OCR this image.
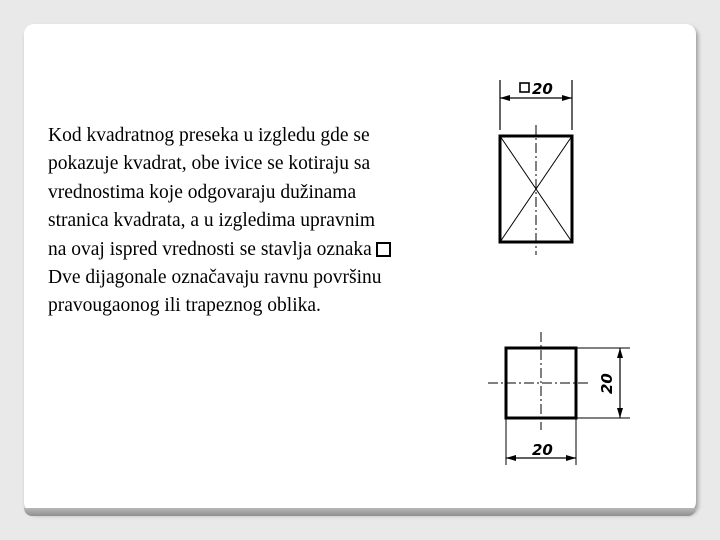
Kod kvadratnog preseka u izgledu gde se
pokazuje kvadrat, obe ivice se kotiraju sa
vrednostima koje odgovaraju dužinama
stranica kvadrata, a u izgledima upravnim
na ovaj ispred vrednosti se stavlja oznaka
Dve dijagonale označavaju ravnu površinu
pravougaonog ili trapeznog oblika.
20
20
20
